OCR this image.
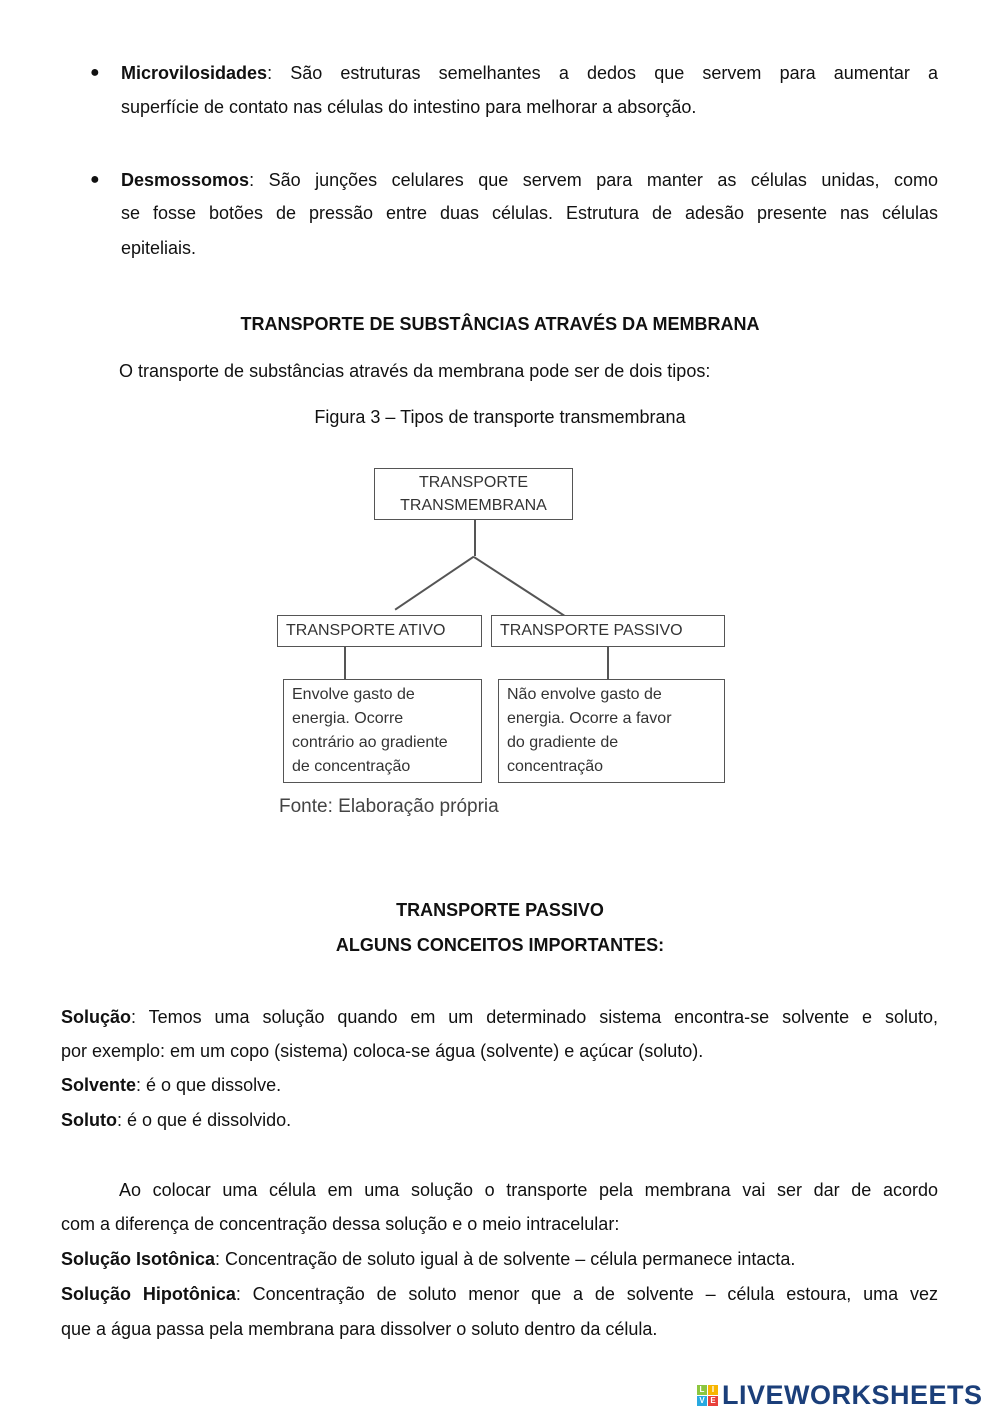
● Microvilosidades: São estruturas semelhantes a dedos que servem para aumentar a
superfície de contato nas células do intestino para melhorar a absorção.
● Desmossomos: São junções celulares que servem para manter as células unidas, como
se fosse botões de pressão entre duas células. Estrutura de adesão presente nas células
epiteliais.
TRANSPORTE DE SUBSTÂNCIAS ATRAVÉS DA MEMBRANA
O transporte de substâncias através da membrana pode ser de dois tipos:
Figura 3 – Tipos de transporte transmembrana
TRANSPORTE
TRANSMEMBRANA
TRANSPORTE ATIVO	TRANSPORTE PASSIVO
Envolve gasto de
energia. Ocorre
contrário ao gradiente
de concentração
Não envolve gasto de
energia. Ocorre a favor
do gradiente de
concentração
Fonte: Elaboração própria
TRANSPORTE PASSIVO
ALGUNS CONCEITOS IMPORTANTES:
Solução: Temos uma solução quando em um determinado sistema encontra-se solvente e soluto,
por exemplo: em um copo (sistema) coloca-se água (solvente) e açúcar (soluto).
Solvente: é o que dissolve.
Soluto: é o que é dissolvido.
Ao colocar uma célula em uma solução o transporte pela membrana vai ser dar de acordo
com a diferença de concentração dessa solução e o meio intracelular:
Solução Isotônica: Concentração de soluto igual à de solvente – célula permanece intacta.
Solução Hipotônica: Concentração de soluto menor que a de solvente – célula estoura, uma vez
que a água passa pela membrana para dissolver o soluto dentro da célula.
L I
V E LIVEWORKSHEETS
